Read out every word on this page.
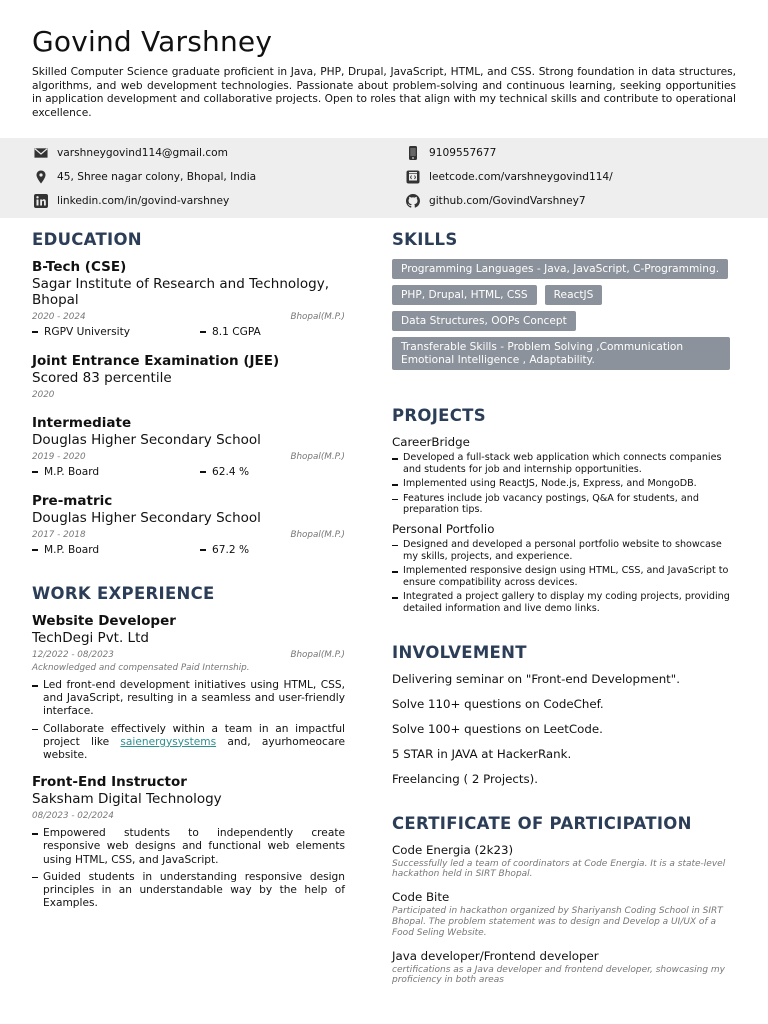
Govind Varshney
Skilled Computer Science graduate proficient in Java, PHP, Drupal, JavaScript, HTML, and CSS. Strong foundation in data structures, algorithms, and web development technologies. Passionate about problem-solving and continuous learning, seeking opportunities in application development and collaborative projects. Open to roles that align with my technical skills and contribute to operational excellence.
varshneygovind114@gmail.com	9109557677
45, Shree nagar colony, Bhopal, India	leetcode.com/varshneygovind114/
linkedin.com/in/govind-varshney	github.com/GovindVarshney7
EDUCATION
B-Tech (CSE)
Sagar Institute of Research and Technology, Bhopal
2020 - 2024	Bhopal(M.P.)
RGPV University	8.1 CGPA
Joint Entrance Examination (JEE)
Scored 83 percentile
2020
Intermediate
Douglas Higher Secondary School
2019 - 2020	Bhopal(M.P.)
M.P. Board	62.4 %
Pre-matric
Douglas Higher Secondary School
2017 - 2018	Bhopal(M.P.)
M.P. Board	67.2 %
WORK EXPERIENCE
Website Developer
TechDegi Pvt. Ltd
12/2022 - 08/2023	Bhopal(M.P.)
Acknowledged and compensated Paid Internship.
Led front-end development initiatives using HTML, CSS, and JavaScript, resulting in a seamless and user-friendly interface.
Collaborate effectively within a team in an impactful project like saienergysystems and, ayurhomeocare website.
Front-End Instructor
Saksham Digital Technology
08/2023 - 02/2024
Empowered students to independently create responsive web designs and functional web elements using HTML, CSS, and JavaScript.
Guided students in understanding responsive design principles in an understandable way by the help of Examples.
SKILLS
Programming Languages - Java, JavaScript, C-Programming.
PHP, Drupal, HTML, CSS	ReactJS
Data Structures, OOPs Concept
Transferable Skills - Problem Solving ,Communication Emotional Intelligence , Adaptability.
PROJECTS
CareerBridge
Developed a full-stack web application which connects companies and students for job and internship opportunities.
Implemented using ReactJS, Node.js, Express, and MongoDB.
Features include job vacancy postings, Q&A for students, and preparation tips.
Personal Portfolio
Designed and developed a personal portfolio website to showcase my skills, projects, and experience.
Implemented responsive design using HTML, CSS, and JavaScript to ensure compatibility across devices.
Integrated a project gallery to display my coding projects, providing detailed information and live demo links.
INVOLVEMENT
Delivering seminar on "Front-end Development".
Solve 110+ questions on CodeChef.
Solve 100+ questions on LeetCode.
5 STAR in JAVA at HackerRank.
Freelancing ( 2 Projects).
CERTIFICATE OF PARTICIPATION
Code Energia (2k23)
Successfully led a team of coordinators at Code Energia. It is a state-level hackathon held in SIRT Bhopal.
Code Bite
Participated in hackathon organized by Shariyansh Coding School in SIRT Bhopal. The problem statement was to design and Develop a UI/UX of a Food Seling Website.
Java developer/Frontend developer
certifications as a Java developer and frontend developer, showcasing my proficiency in both areas
